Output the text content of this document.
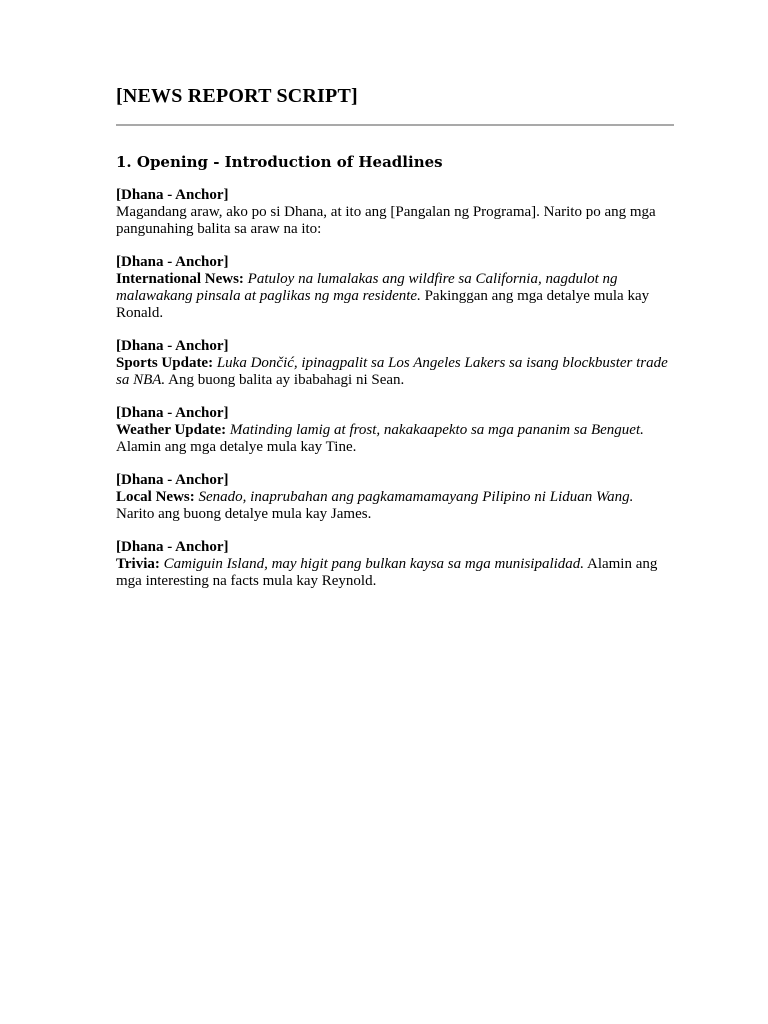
[NEWS REPORT SCRIPT]
1. Opening - Introduction of Headlines

[Dhana - Anchor]
Magandang araw, ako po si Dhana, at ito ang [Pangalan ng Programa]. Narito po ang mga pangunahing balita sa araw na ito:

[Dhana - Anchor]
International News: Patuloy na lumalakas ang wildfire sa California, nagdulot ng malawakang pinsala at paglikas ng mga residente. Pakinggan ang mga detalye mula kay Ronald.

[Dhana - Anchor]
Sports Update: Luka Dončić, ipinagpalit sa Los Angeles Lakers sa isang blockbuster trade sa NBA. Ang buong balita ay ibabahagi ni Sean.

[Dhana - Anchor]
Weather Update: Matinding lamig at frost, nakakaapekto sa mga pananim sa Benguet. Alamin ang mga detalye mula kay Tine.

[Dhana - Anchor]
Local News: Senado, inaprubahan ang pagkamamamayang Pilipino ni Liduan Wang. Narito ang buong detalye mula kay James.

[Dhana - Anchor]
Trivia: Camiguin Island, may higit pang bulkan kaysa sa mga munisipalidad. Alamin ang mga interesting na facts mula kay Reynold.
